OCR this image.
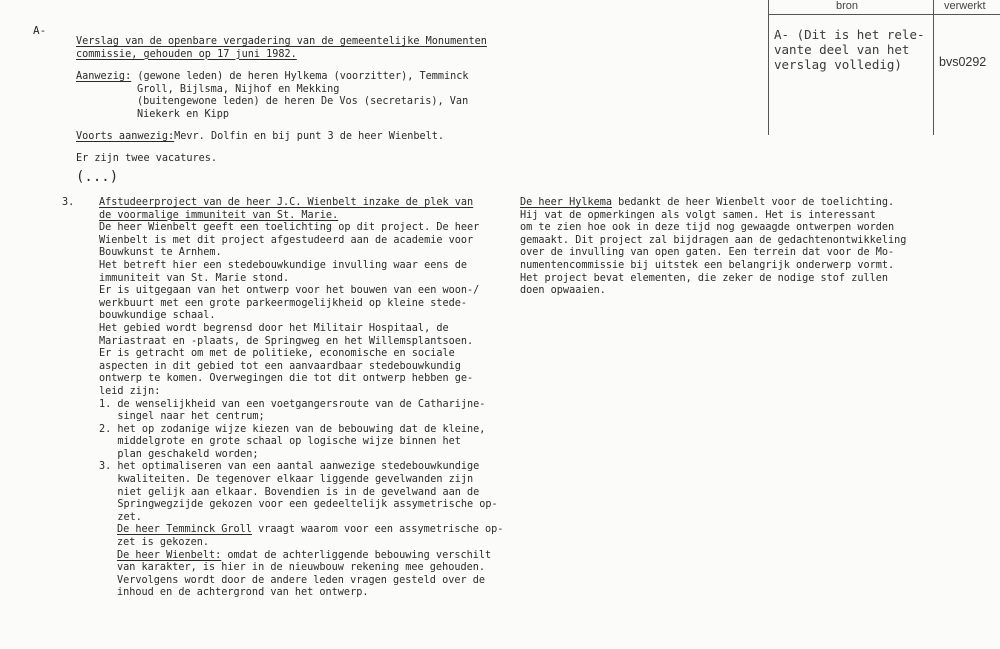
bron	verwerkt
A- (Dit is het rele-
vante deel van het
verslag volledig)	bvs0292
A-
Verslag van de openbare vergadering van de gemeentelijke Monumenten
commissie, gehouden op 17 juni 1982.
Aanwezig: (gewone leden) de heren Hylkema (voorzitter), Temminck
Groll, Bijlsma, Nijhof en Mekking
(buitengewone leden) de heren De Vos (secretaris), Van
Niekerk en Kipp
Voorts aanwezig:Mevr. Dolfin en bij punt 3 de heer Wienbelt.
Er zijn twee vacatures.
(...)
3. Afstudeerproject van de heer J.C. Wienbelt inzake de plek van
de voormalige immuniteit van St. Marie.
De heer Wienbelt geeft een toelichting op dit project. De heer
Wienbelt is met dit project afgestudeerd aan de academie voor
Bouwkunst te Arnhem.
Het betreft hier een stedebouwkundige invulling waar eens de
immuniteit van St. Marie stond.
Er is uitgegaan van het ontwerp voor het bouwen van een woon-/
werkbuurt met een grote parkeermogelijkheid op kleine stede-
bouwkundige schaal.
Het gebied wordt begrensd door het Militair Hospitaal, de
Mariastraat en -plaats, de Springweg en het Willemsplantsoen.
Er is getracht om met de politieke, economische en sociale
aspecten in dit gebied tot een aanvaardbaar stedebouwkundig
ontwerp te komen. Overwegingen die tot dit ontwerp hebben ge-
leid zijn:
1. de wenselijkheid van een voetgangersroute van de Catharijne-
singel naar het centrum;
2. het op zodanige wijze kiezen van de bebouwing dat de kleine,
middelgrote en grote schaal op logische wijze binnen het
plan geschakeld worden;
3. het optimaliseren van een aantal aanwezige stedebouwkundige
kwaliteiten. De tegenover elkaar liggende gevelwanden zijn
niet gelijk aan elkaar. Bovendien is in de gevelwand aan de
Springwegzijde gekozen voor een gedeeltelijk assymetrische op-
zet.
De heer Temminck Groll vraagt waarom voor een assymetrische op-
zet is gekozen.
De heer Wienbelt: omdat de achterliggende bebouwing verschilt
van karakter, is hier in de nieuwbouw rekening mee gehouden.
Vervolgens wordt door de andere leden vragen gesteld over de
inhoud en de achtergrond van het ontwerp.
De heer Hylkema bedankt de heer Wienbelt voor de toelichting.
Hij vat de opmerkingen als volgt samen. Het is interessant
om te zien hoe ook in deze tijd nog gewaagde ontwerpen worden
gemaakt. Dit project zal bijdragen aan de gedachtenontwikkeling
over de invulling van open gaten. Een terrein dat voor de Mo-
numentencommissie bij uitstek een belangrijk onderwerp vormt.
Het project bevat elementen, die zeker de nodige stof zullen
doen opwaaien.
